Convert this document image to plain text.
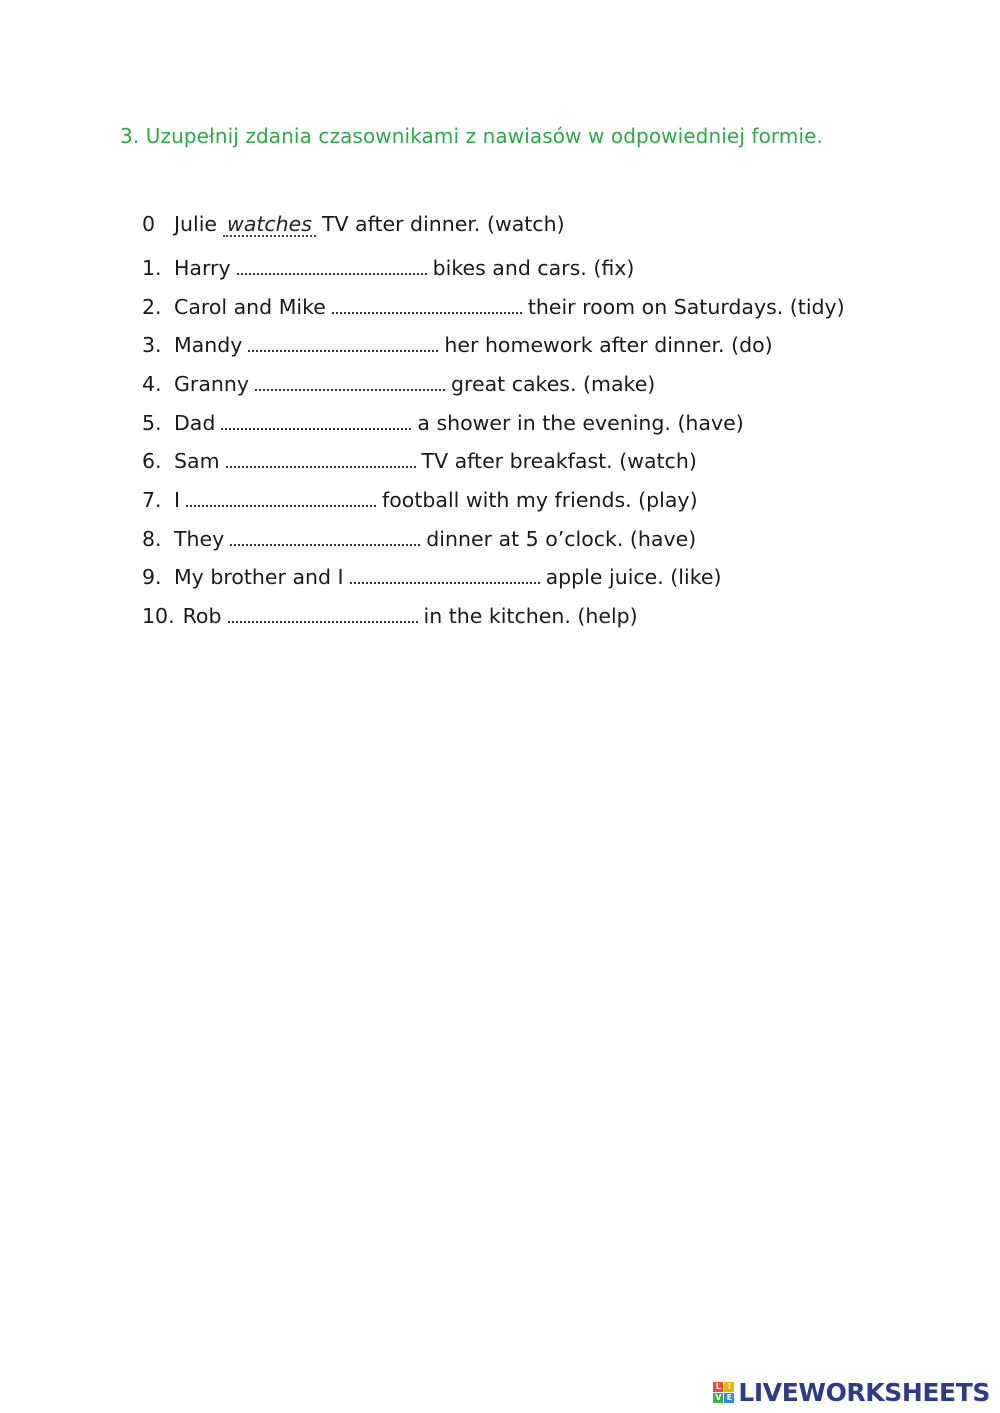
3. Uzupełnij zdania czasownikami z nawiasów w odpowiedniej formie.
0 Julie watches TV after dinner. (watch)
1. Harry	bikes and cars. (fix)
2. Carol and Mike	their room on Saturdays. (tidy)
3. Mandy	her homework after dinner. (do)
4. Granny	great cakes. (make)
5. Dad	a shower in the evening. (have)
6. Sam	TV after breakfast. (watch)
7. I	football with my friends. (play)
8. They	dinner at 5 o’clock. (have)
9. My brother and I	apple juice. (like)
10. Rob	in the kitchen. (help)
L I
V E LIVEWORKSHEETS
